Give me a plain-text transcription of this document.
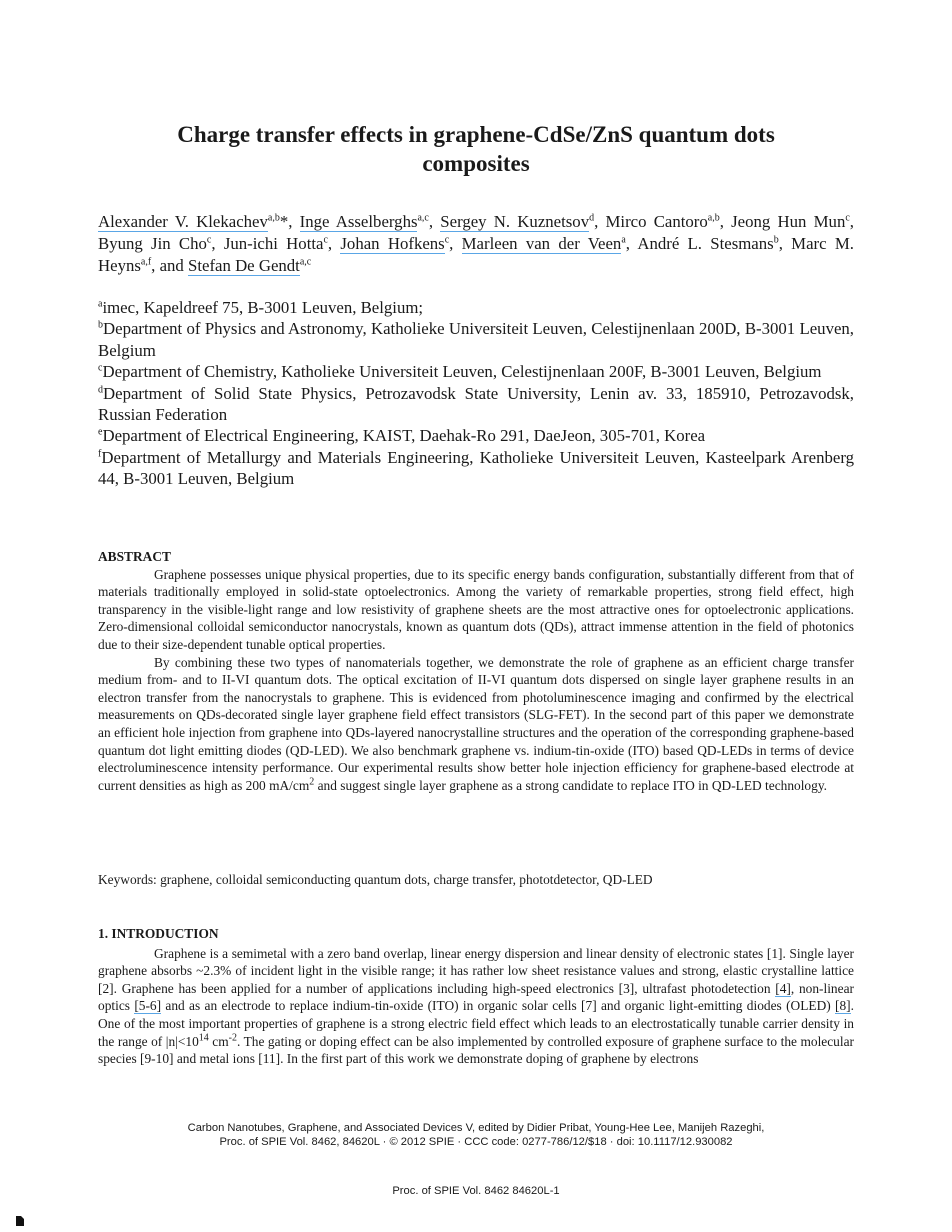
Charge transfer effects in graphene-CdSe/ZnS quantum dots
composites
Alexander V. Klekachev$^{a,b}$*, Inge Asselberghs$^{a,c}$, Sergey N. Kuznetsov$^d$, Mirco Cantoro$^{a,b}$, Jeong Hun Mun$^c$, Byung Jin Cho$^c$, Jun-ichi Hotta$^c$, Johan Hofkens$^c$, Marleen van der Veen$^a$, André L. Stesmans$^b$, Marc M. Heyns$^{a,f}$, and Stefan De Gendt$^{a,c}$

$^a$imec, Kapeldreef 75, B-3001 Leuven, Belgium;

$^b$Department of Physics and Astronomy, Katholieke Universiteit Leuven, Celestijnenlaan 200D, B-3001 Leuven, Belgium

$^c$Department of Chemistry, Katholieke Universiteit Leuven, Celestijnenlaan 200F, B-3001 Leuven, Belgium

$^d$Department of Solid State Physics, Petrozavodsk State University, Lenin av. 33, 185910, Petrozavodsk, Russian Federation

$^e$Department of Electrical Engineering, KAIST, Daehak-Ro 291, DaeJeon, 305-701, Korea

$^f$Department of Metallurgy and Materials Engineering, Katholieke Universiteit Leuven, Kasteelpark Arenberg 44, B-3001 Leuven, Belgium

ABSTRACT

Graphene possesses unique physical properties, due to its specific energy bands configuration, substantially different from that of materials traditionally employed in solid-state optoelectronics. Among the variety of remarkable properties, strong field effect, high transparency in the visible-light range and low resistivity of graphene sheets are the most attractive ones for optoelectronic applications. Zero-dimensional colloidal semiconductor nanocrystals, known as quantum dots (QDs), attract immense attention in the field of photonics due to their size-dependent tunable optical properties.

By combining these two types of nanomaterials together, we demonstrate the role of graphene as an efficient charge transfer medium from- and to II-VI quantum dots. The optical excitation of II-VI quantum dots dispersed on single layer graphene results in an electron transfer from the nanocrystals to graphene. This is evidenced from photoluminescence imaging and confirmed by the electrical measurements on QDs-decorated single layer graphene field effect transistors (SLG-FET). In the second part of this paper we demonstrate an efficient hole injection from graphene into QDs-layered nanocrystalline structures and the operation of the corresponding graphene-based quantum dot light emitting diodes (QD-LED). We also benchmark graphene vs. indium-tin-oxide (ITO) based QD-LEDs in terms of device electroluminescence intensity performance. Our experimental results show better hole injection efficiency for graphene-based electrode at current densities as high as 200 $mA/cm^2$ and suggest single layer graphene as a strong candidate to replace ITO in QD-LED technology.

Keywords: graphene, colloidal semiconducting quantum dots, charge transfer, phototdetector, QD-LED
1. INTRODUCTION

Graphene is a semimetal with a zero band overlap, linear energy dispersion and linear density of electronic states [1]. Single layer graphene absorbs ~2.3% of incident light in the visible range; it has rather low sheet resistance values and strong, elastic crystalline lattice [2]. Graphene has been applied for a number of applications including high-speed electronics [3], ultrafast photodetection [4], non-linear optics [5-6] and as an electrode to replace indium-tin-oxide (ITO) in organic solar cells [7] and organic light-emitting diodes (OLED) [8]. One of the most important properties of graphene is a strong electric field effect which leads to an electrostatically tunable carrier density in the range of $|n|<10^{14}$ $cm^{-2}$. The gating or doping effect can be also implemented by controlled exposure of graphene surface to the molecular species [9-10] and metal ions [11]. In the first part of this work we demonstrate doping of graphene by electrons

Carbon Nanotubes, Graphene, and Associated Devices V, edited by Didier Pribat, Young-Hee Lee, Manijeh Razeghi,
Proc. of SPIE Vol. 8462, 84620L · © 2012 SPIE · CCC code: 0277-786/12/$18 · doi: 10.1117/12.930082
Proc. of SPIE Vol. 8462 84620L-1
